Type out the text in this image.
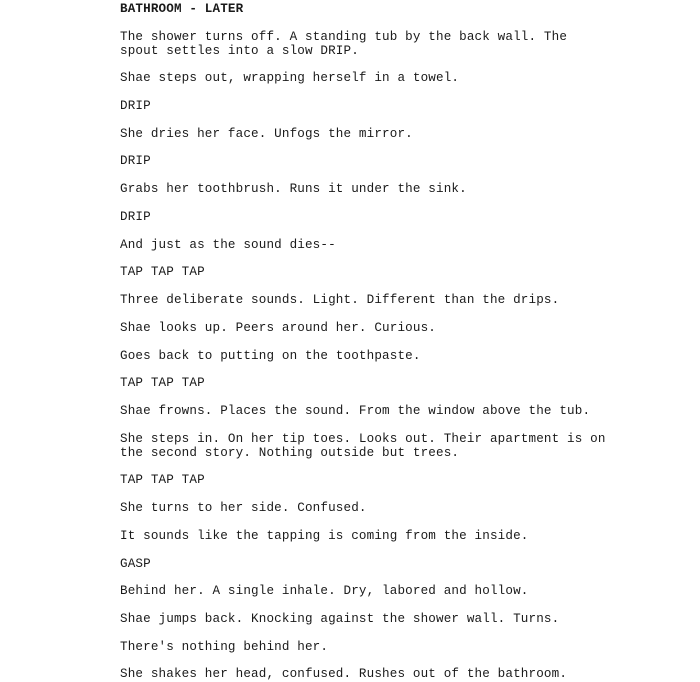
BATHROOM - LATER

The shower turns off. A standing tub by the back wall. The

spout settles into a slow DRIP.

Shae steps out, wrapping herself in a towel.

DRIP

She dries her face. Unfogs the mirror.

DRIP

Grabs her toothbrush. Runs it under the sink.

DRIP

And just as the sound dies--

TAP TAP TAP

Three deliberate sounds. Light. Different than the drips.

Shae looks up. Peers around her. Curious.

Goes back to putting on the toothpaste.

TAP TAP TAP

Shae frowns. Places the sound. From the window above the tub.

She steps in. On her tip toes. Looks out. Their apartment is on

the second story. Nothing outside but trees.

TAP TAP TAP

She turns to her side. Confused.

It sounds like the tapping is coming from the inside.

GASP

Behind her. A single inhale. Dry, labored and hollow.

Shae jumps back. Knocking against the shower wall. Turns.

There's nothing behind her.

She shakes her head, confused. Rushes out of the bathroom.
